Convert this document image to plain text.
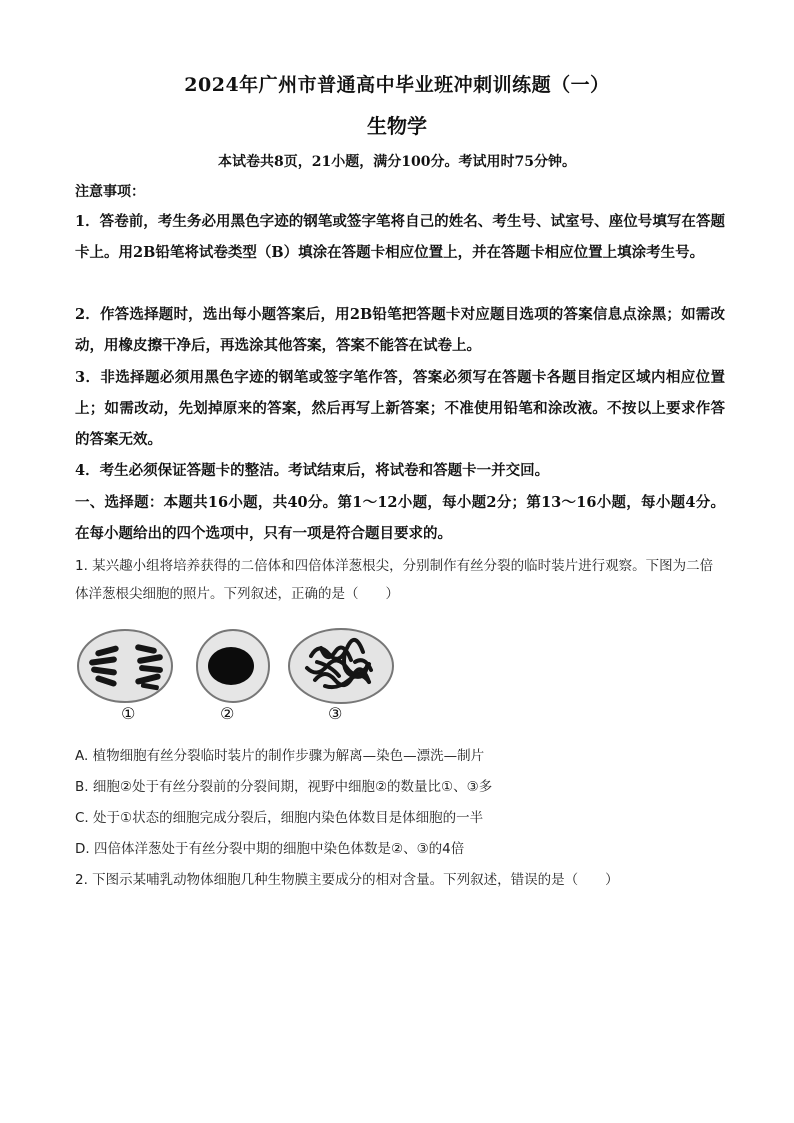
2024年广州市普通高中毕业班冲刺训练题（一）
生物学
本试卷共8页，21小题，满分100分。考试用时75分钟。
注意事项：
1．答卷前，考生务必用黑色字迹的钢笔或签字笔将自己的姓名、考生号、试室号、座位号填写在答题卡上。用2B铅笔将试卷类型（B）填涂在答题卡相应位置上，并在答题卡相应位置上填涂考生号。
2．作答选择题时，选出每小题答案后，用2B铅笔把答题卡对应题目选项的答案信息点涂黑；如需改动，用橡皮擦干净后，再选涂其他答案，答案不能答在试卷上。
3．非选择题必须用黑色字迹的钢笔或签字笔作答，答案必须写在答题卡各题目指定区域内相应位置上；如需改动，先划掉原来的答案，然后再写上新答案；不准使用铅笔和涂改液。不按以上要求作答的答案无效。
4．考生必须保证答题卡的整洁。考试结束后，将试卷和答题卡一并交回。
一、选择题：本题共16小题，共40分。第1～12小题，每小题2分；第13～16小题，每小题4分。在每小题给出的四个选项中，只有一项是符合题目要求的。
1. 某兴趣小组将培养获得的二倍体和四倍体洋葱根尖，分别制作有丝分裂的临时装片进行观察。下图为二倍体洋葱根尖细胞的照片。下列叙述，正确的是（　　）
①	②	③
A. 植物细胞有丝分裂临时装片的制作步骤为解离—染色—漂洗—制片
B. 细胞②处于有丝分裂前的分裂间期，视野中细胞②的数量比①、③多
C. 处于①状态的细胞完成分裂后，细胞内染色体数目是体细胞的一半
D. 四倍体洋葱处于有丝分裂中期的细胞中染色体数是②、③的4倍
2. 下图示某哺乳动物体细胞几种生物膜主要成分的相对含量。下列叙述，错误的是（　　）
